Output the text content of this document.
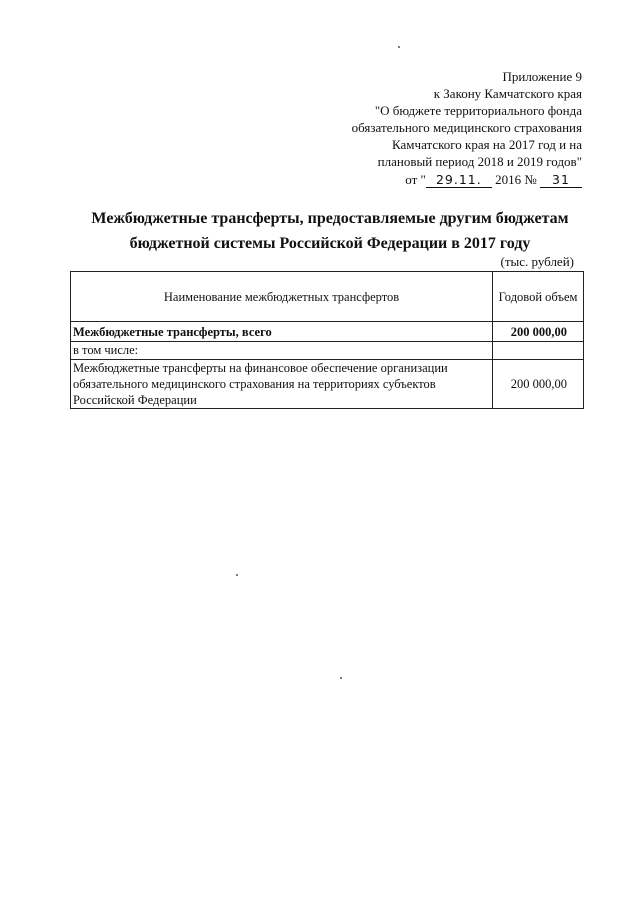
Приложение 9
к Закону Камчатского края
"О бюджете территориального фонда
обязательного медицинского страхования
Камчатского края на 2017 год и на
плановый период 2018 и 2019 годов"
от " 29.11. 2016 № 31
Межбюджетные трансферты, предоставляемые другим бюджетам
бюджетной системы Российской Федерации в 2017 году
(тыс. рублей)
Наименование межбюджетных трансфертов	Годовой объем
Межбюджетные трансферты, всего	200 000,00
в том числе:	
Межбюджетные трансферты на финансовое обеспечение организации обязательного медицинского страхования на территориях субъектов Российской Федерации	200 000,00
